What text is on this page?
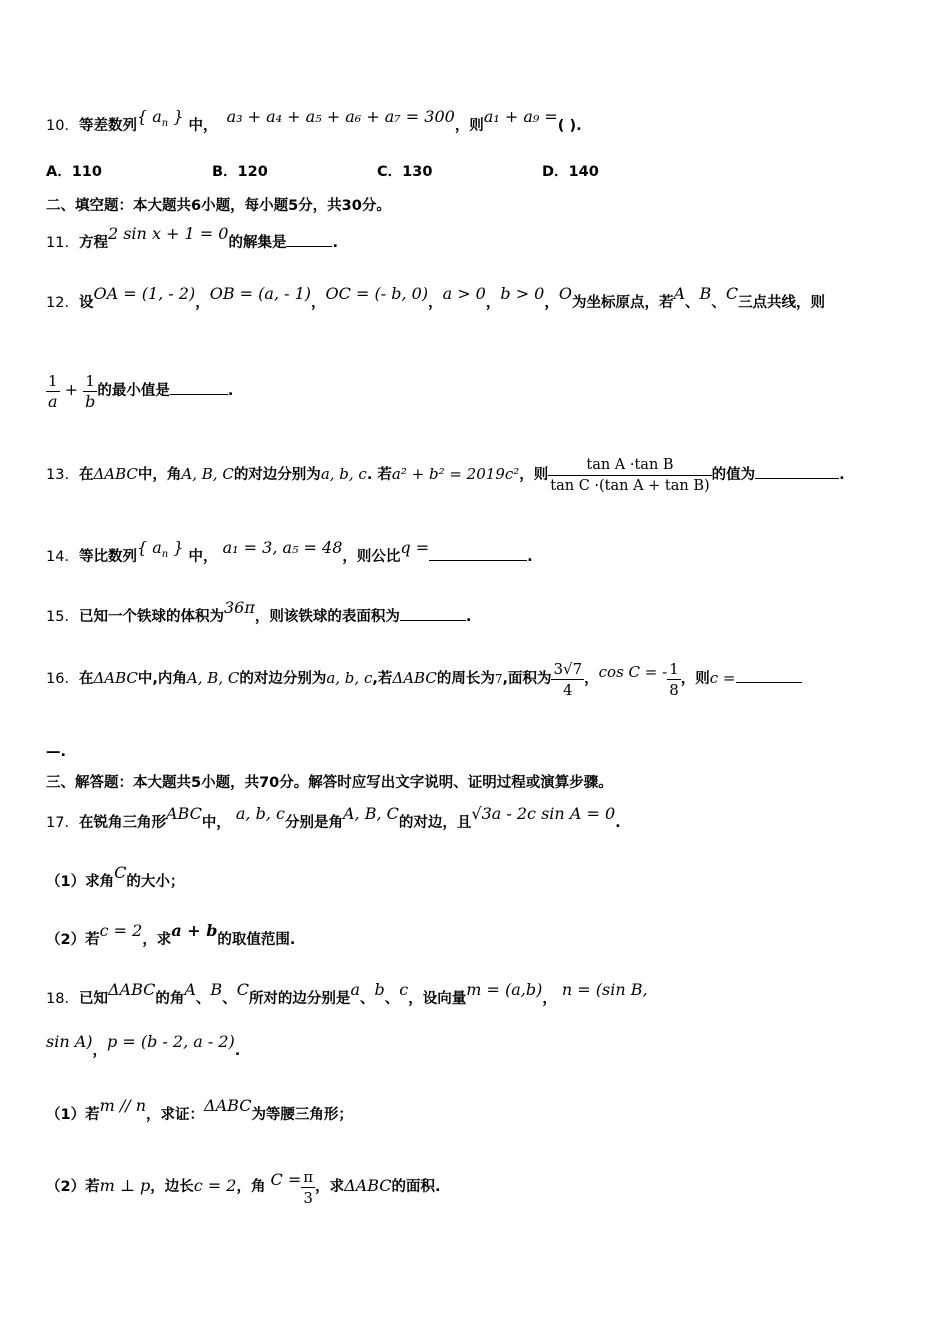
10．等差数列{ $a_n$ } 中， a₃ + a₄ + a₅ + a₆ + a₇ = 300，则a₁ + a₉ =( ).
A．110	B．120	C．130	D．140
二、填空题：本大题共6小题，每小题5分，共30分。
11．方程2 sin x + 1 = 0的解集是	.
12．设OA = (1, - 2)，OB = (a, - 1)，OC = (- b, 0)，a > 0，b > 0，O为坐标原点，若A、B、C三点共线，则
$\frac{1}{a} + \frac{1}{b}$ 的最小值是	.
13．在ΔABC中，角A, B, C的对边分别为a, b, c. 若a² + b² = 2019c²，则 $\frac{\text{tan A ·tan B}}{\text{tan C ·(tan A + tan B)}}$ 的值为	.
14．等比数列{ $a_n$ } 中， a₁ = 3, a₅ = 48，则公比q =	.
15．已知一个铁球的体积为36π，则该铁球的表面积为	.
16．在ΔABC中,内角A, B, C的对边分别为a, b, c,若ΔABC的周长为7,面积为 $\frac{3√7}{4}$ ，cos C = - $\frac{1}{8}$ ，则c =
—.
三、解答题：本大题共5小题，共70分。解答时应写出文字说明、证明过程或演算步骤。
17．在锐角三角形ABC中， a, b, c分别是角A, B, C的对边，且√3a - 2c sin A = 0.
（1）求角C的大小；
（2）若c = 2，求a + b的取值范围.
18．已知ΔABC的角A、B、C所对的边分别是a、b、c，设向量m = (a,b)， n = (sin B,
sin A)，p = (b - 2, a - 2).
（1）若m // n，求证：ΔABC为等腰三角形；
（2）若m ⊥ p，边长c = 2，角 $C = \frac{\pi}{3}$ ，求ΔABC的面积.
